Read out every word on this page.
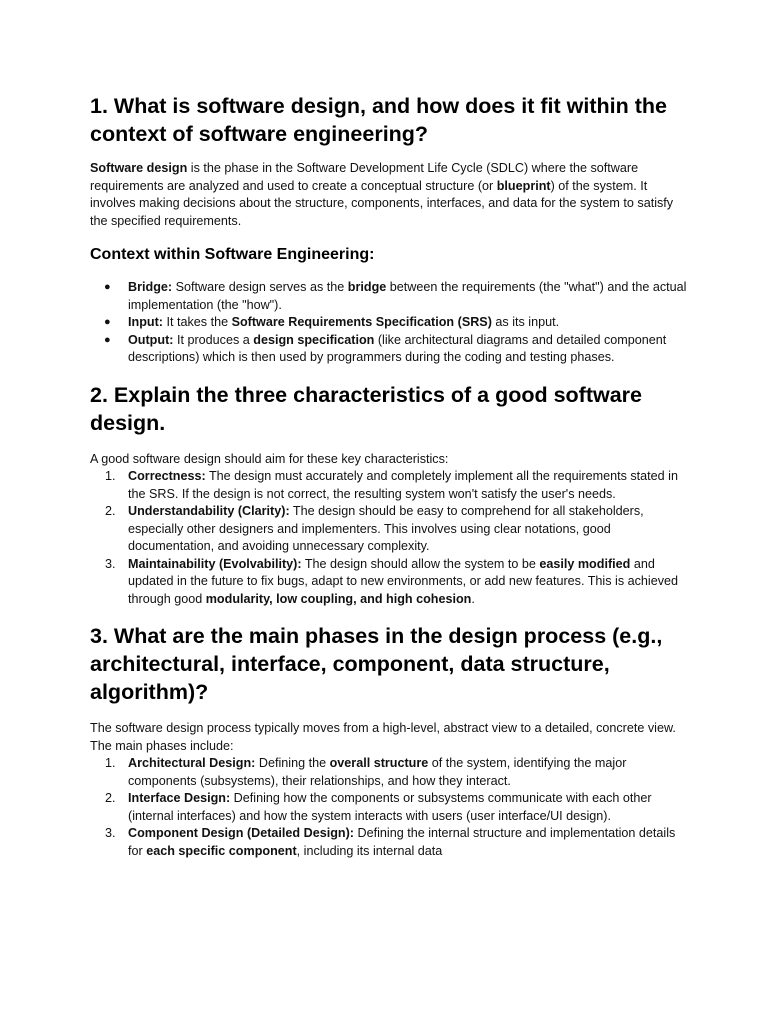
1. What is software design, and how does it fit within the context of software engineering?

Software design is the phase in the Software Development Life Cycle (SDLC) where the software requirements are analyzed and used to create a conceptual structure (or blueprint) of the system. It involves making decisions about the structure, components, interfaces, and data for the system to satisfy the specified requirements.

Context within Software Engineering:
● Bridge: Software design serves as the bridge between the requirements (the "what") and the actual implementation (the "how").
● Input: It takes the Software Requirements Specification (SRS) as its input.
● Output: It produces a design specification (like architectural diagrams and detailed component descriptions) which is then used by programmers during the coding and testing phases.
2. Explain the three characteristics of a good software design.

A good software design should aim for these key characteristics:

1. Correctness: The design must accurately and completely implement all the requirements stated in the SRS. If the design is not correct, the resulting system won't satisfy the user's needs.
2. Understandability (Clarity): The design should be easy to comprehend for all stakeholders, especially other designers and implementers. This involves using clear notations, good documentation, and avoiding unnecessary complexity.
3. Maintainability (Evolvability): The design should allow the system to be easily modified and updated in the future to fix bugs, adapt to new environments, or add new features. This is achieved through good modularity, low coupling, and high cohesion.
3. What are the main phases in the design process (e.g., architectural, interface, component, data structure, algorithm)?

The software design process typically moves from a high-level, abstract view to a detailed, concrete view. The main phases include:

1. Architectural Design: Defining the overall structure of the system, identifying the major components (subsystems), their relationships, and how they interact.
2. Interface Design: Defining how the components or subsystems communicate with each other (internal interfaces) and how the system interacts with users (user interface/UI design).
3. Component Design (Detailed Design): Defining the internal structure and implementation details for each specific component, including its internal data
